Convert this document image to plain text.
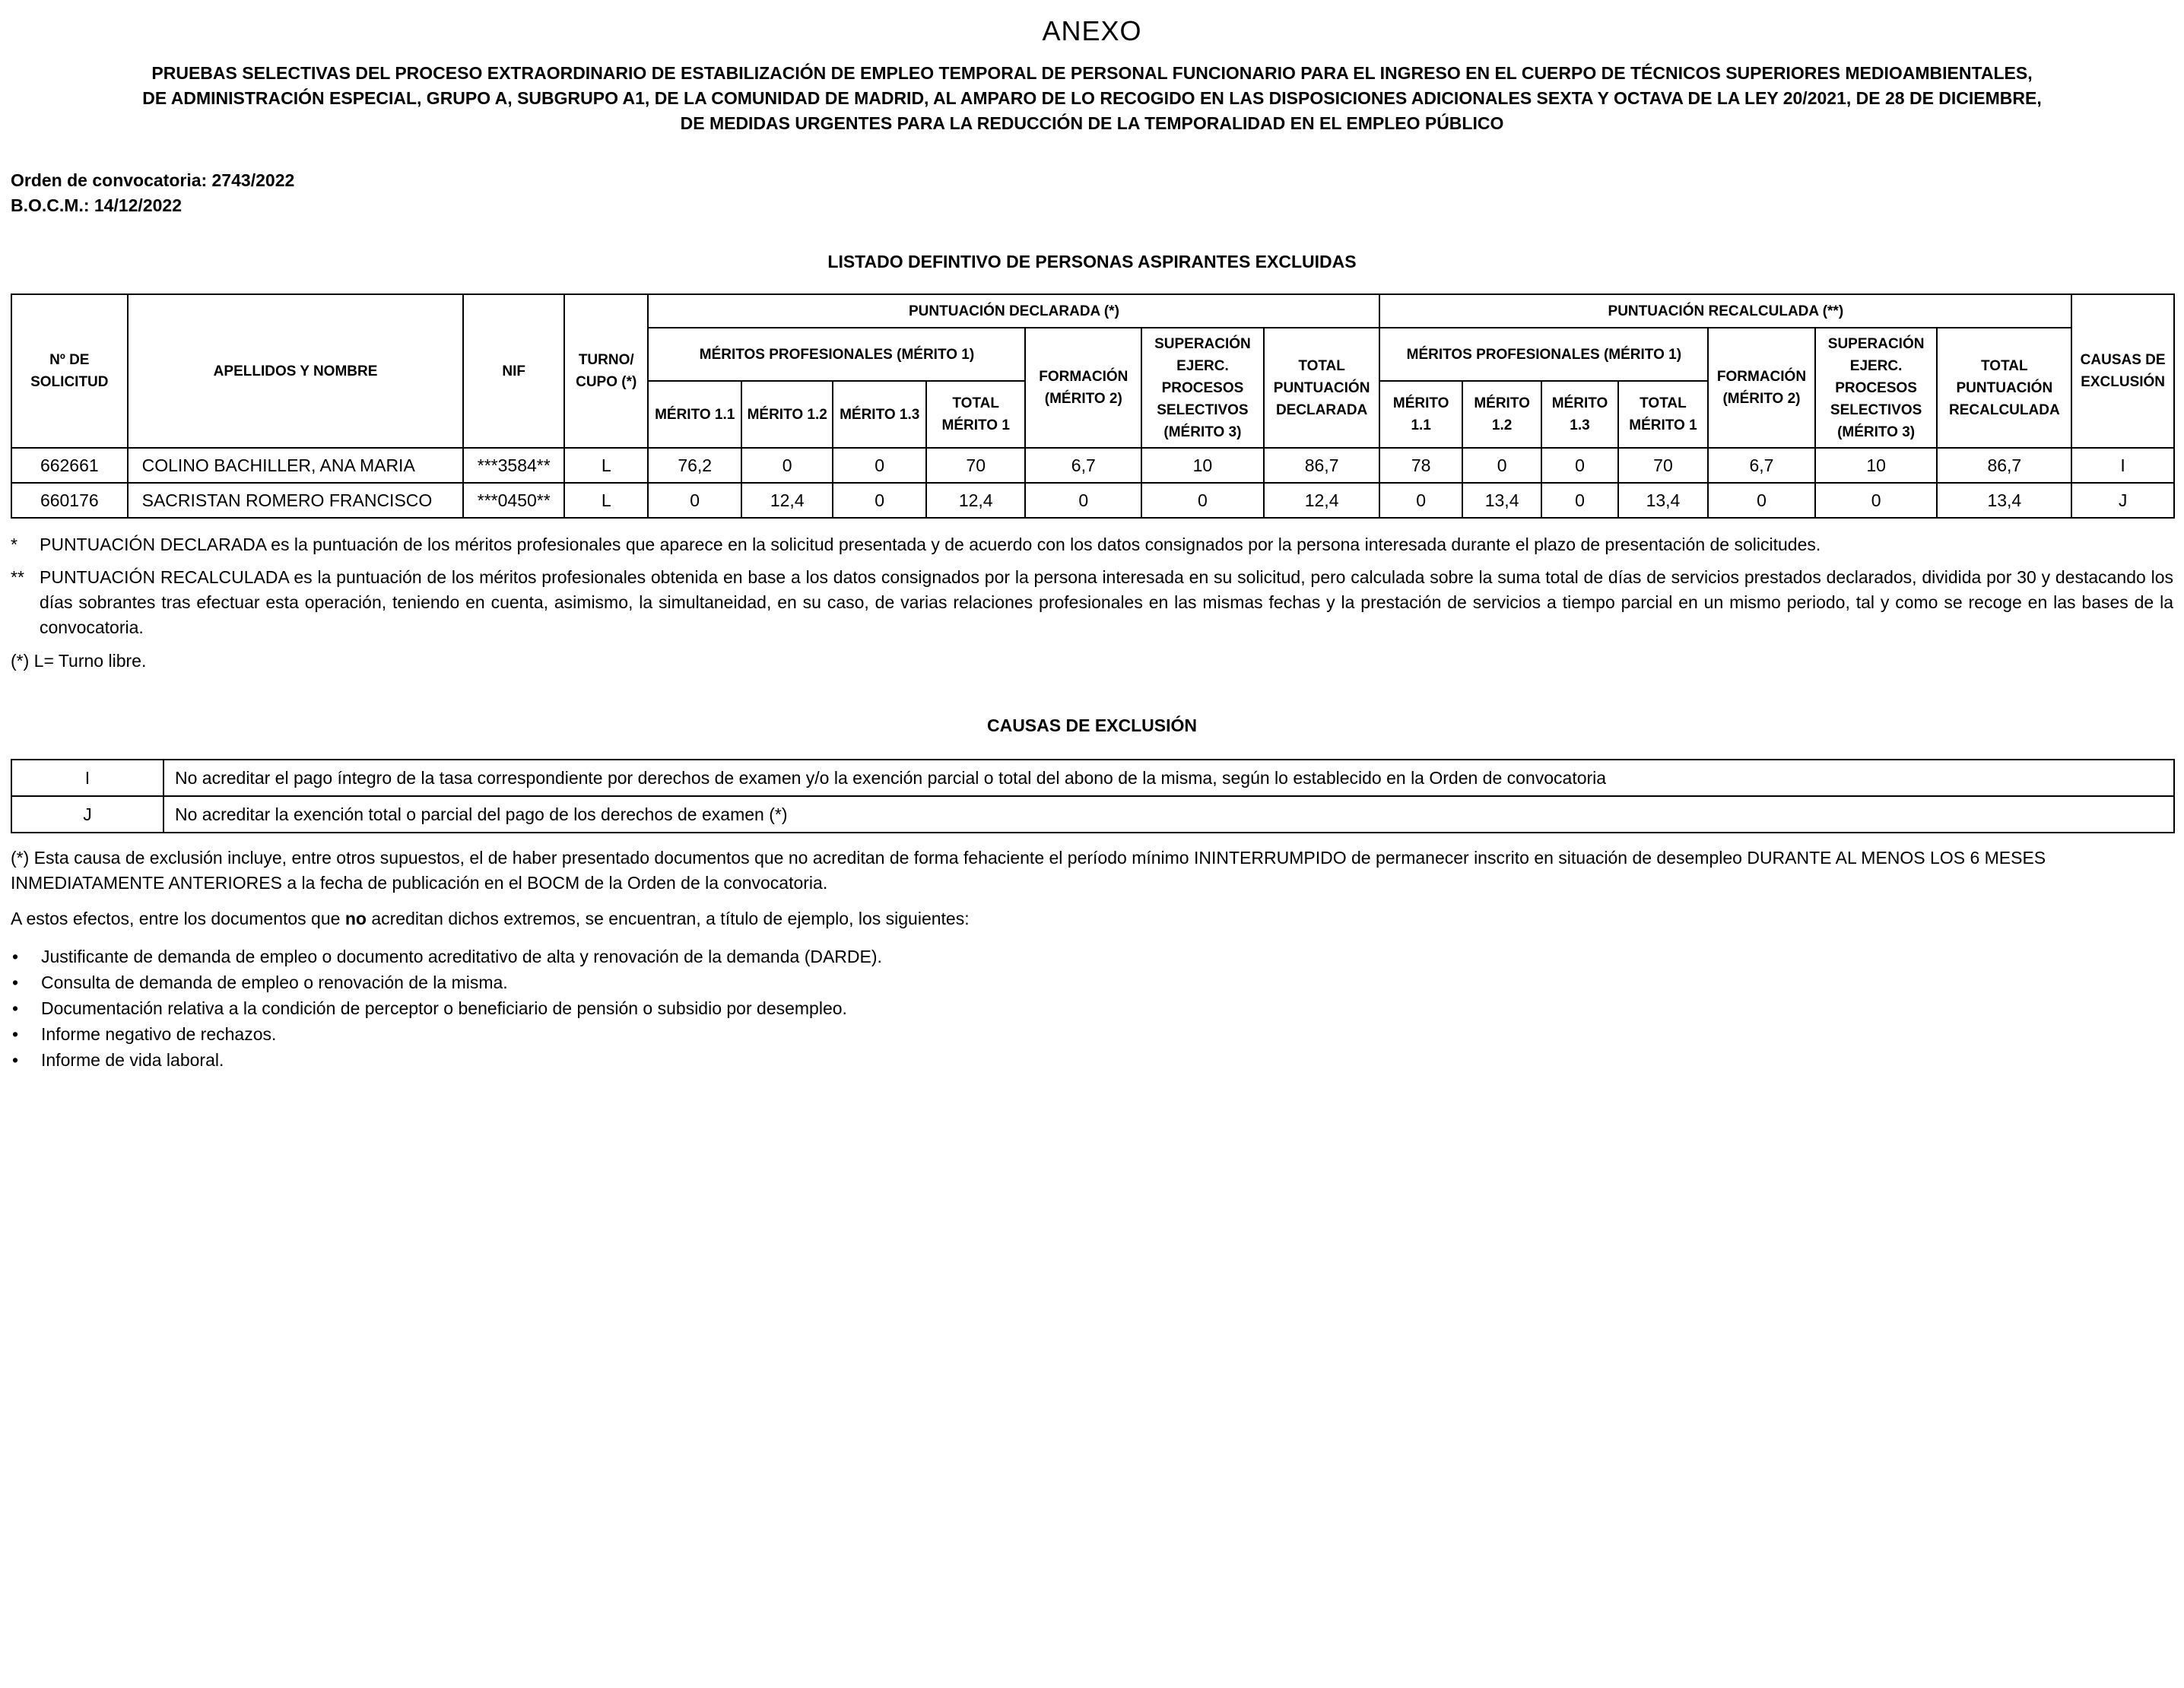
ANEXO
PRUEBAS SELECTIVAS DEL PROCESO EXTRAORDINARIO DE ESTABILIZACIÓN DE EMPLEO TEMPORAL DE PERSONAL FUNCIONARIO PARA EL INGRESO EN EL CUERPO DE TÉCNICOS SUPERIORES MEDIOAMBIENTALES,
DE ADMINISTRACIÓN ESPECIAL, GRUPO A, SUBGRUPO A1, DE LA COMUNIDAD DE MADRID, AL AMPARO DE LO RECOGIDO EN LAS DISPOSICIONES ADICIONALES SEXTA Y OCTAVA DE LA LEY 20/2021, DE 28 DE DICIEMBRE,
DE MEDIDAS URGENTES PARA LA REDUCCIÓN DE LA TEMPORALIDAD EN EL EMPLEO PÚBLICO
Orden de convocatoria: 2743/2022
B.O.C.M.: 14/12/2022
LISTADO DEFINTIVO DE PERSONAS ASPIRANTES EXCLUIDAS
Nº DE SOLICITUD	APELLIDOS Y NOMBRE	NIF	TURNO/ CUPO (*)	PUNTUACIÓN DECLARADA (*)							PUNTUACIÓN RECALCULADA (**)							CAUSAS DE EXCLUSIÓN
				MÉRITOS PROFESIONALES (MÉRITO 1)				FORMACIÓN (MÉRITO 2)	SUPERACIÓN EJERC. PROCESOS SELECTIVOS (MÉRITO 3)	TOTAL PUNTUACIÓN DECLARADA	MÉRITOS PROFESIONALES (MÉRITO 1)				FORMACIÓN (MÉRITO 2)	SUPERACIÓN EJERC. PROCESOS SELECTIVOS (MÉRITO 3)	TOTAL PUNTUACIÓN RECALCULADA	
				MÉRITO 1.1	MÉRITO 1.2	MÉRITO 1.3	TOTAL MÉRITO 1				MÉRITO 1.1	MÉRITO 1.2	MÉRITO 1.3	TOTAL MÉRITO 1				
662661	COLINO BACHILLER, ANA MARIA	***3584**	L	76,2	0	0	70	6,7	10	86,7	78	0	0	70	6,7	10	86,7	I
660176	SACRISTAN ROMERO FRANCISCO	***0450**	L	0	12,4	0	12,4	0	0	12,4	0	13,4	0	13,4	0	0	13,4	J
*	PUNTUACIÓN DECLARADA es la puntuación de los méritos profesionales que aparece en la solicitud presentada y de acuerdo con los datos consignados por la persona interesada durante el plazo de presentación de solicitudes.
** PUNTUACIÓN RECALCULADA es la puntuación de los méritos profesionales obtenida en base a los datos consignados por la persona interesada en su solicitud, pero calculada sobre la suma total de días de servicios prestados declarados, dividida por 30 y destacando los días sobrantes tras efectuar esta operación, teniendo en cuenta, asimismo, la simultaneidad, en su caso, de varias relaciones profesionales en las mismas fechas y la prestación de servicios a tiempo parcial en un mismo periodo, tal y como se recoge en las bases de la convocatoria.
(*) L= Turno libre.
CAUSAS DE EXCLUSIÓN
I	No acreditar el pago íntegro de la tasa correspondiente por derechos de examen y/o la exención parcial o total del abono de la misma, según lo establecido en la Orden de convocatoria
J	No acreditar la exención total o parcial del pago de los derechos de examen (*)
(*) Esta causa de exclusión incluye, entre otros supuestos, el de haber presentado documentos que no acreditan de forma fehaciente el período mínimo ININTERRUMPIDO de permanecer inscrito en situación de desempleo DURANTE AL MENOS LOS 6 MESES INMEDIATAMENTE ANTERIORES a la fecha de publicación en el BOCM de la Orden de la convocatoria.
A estos efectos, entre los documentos que no acreditan dichos extremos, se encuentran, a título de ejemplo, los siguientes:
• Justificante de demanda de empleo o documento acreditativo de alta y renovación de la demanda (DARDE).
• Consulta de demanda de empleo o renovación de la misma.
• Documentación relativa a la condición de perceptor o beneficiario de pensión o subsidio por desempleo.
• Informe negativo de rechazos.
• Informe de vida laboral.
